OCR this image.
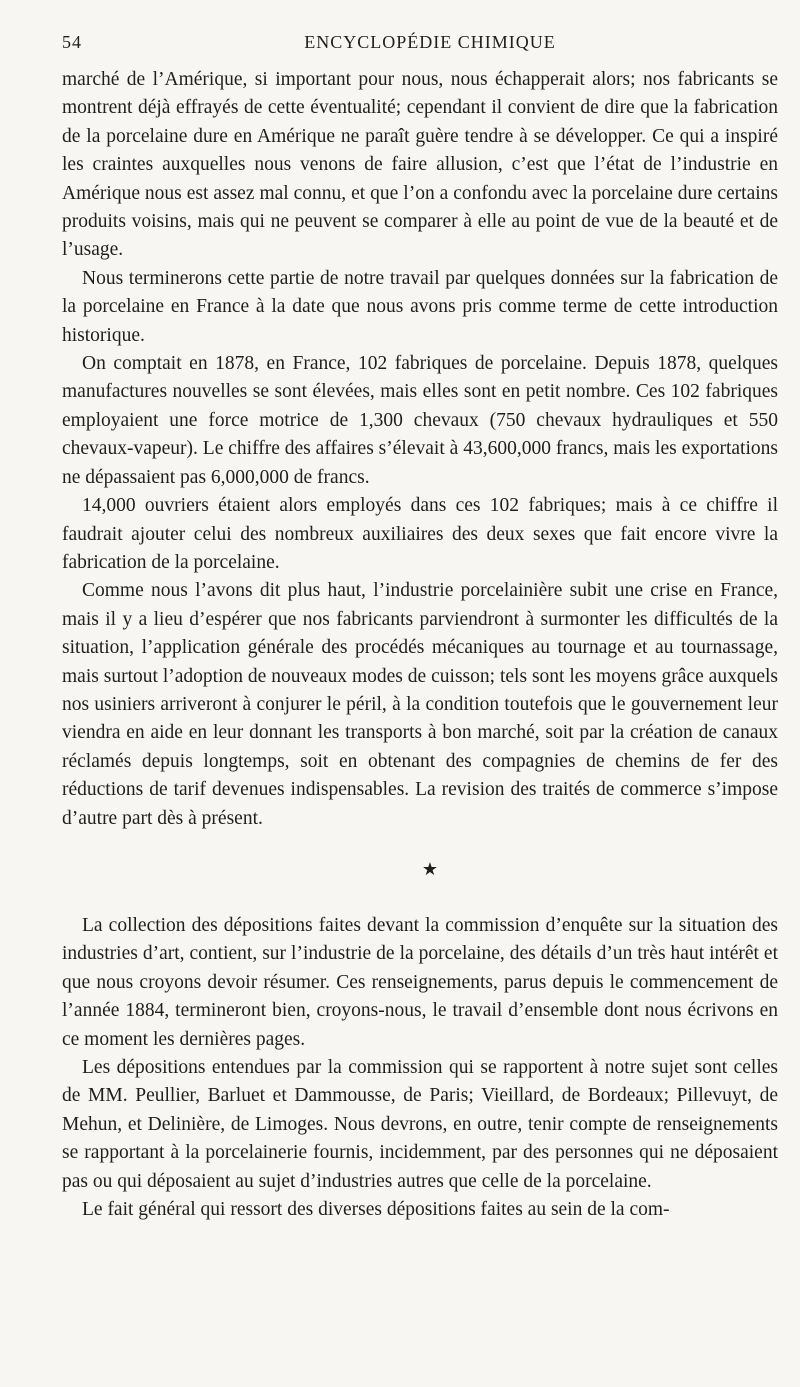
54	ENCYCLOPÉDIE CHIMIQUE

marché de l’Amérique, si important pour nous, nous échapperait alors; nos fabricants se montrent déjà effrayés de cette éventualité; cependant il convient de dire que la fabrication de la porcelaine dure en Amérique ne paraît guère tendre à se développer. Ce qui a inspiré les craintes auxquelles nous venons de faire allusion, c’est que l’état de l’industrie en Amérique nous est assez mal connu, et que l’on a confondu avec la porcelaine dure certains produits voisins, mais qui ne peuvent se comparer à elle au point de vue de la beauté et de l’usage.

Nous terminerons cette partie de notre travail par quelques données sur la fabrication de la porcelaine en France à la date que nous avons pris comme terme de cette introduction historique.

On comptait en 1878, en France, 102 fabriques de porcelaine. Depuis 1878, quelques manufactures nouvelles se sont élevées, mais elles sont en petit nombre. Ces 102 fabriques employaient une force motrice de 1,300 chevaux (750 chevaux hydrauliques et 550 chevaux-vapeur). Le chiffre des affaires s’élevait à 43,600,000 francs, mais les exportations ne dépassaient pas 6,000,000 de francs.

14,000 ouvriers étaient alors employés dans ces 102 fabriques; mais à ce chiffre il faudrait ajouter celui des nombreux auxiliaires des deux sexes que fait encore vivre la fabrication de la porcelaine.

Comme nous l’avons dit plus haut, l’industrie porcelainière subit une crise en France, mais il y a lieu d’espérer que nos fabricants parviendront à surmonter les difficultés de la situation, l’application générale des procédés mécaniques au tournage et au tournassage, mais surtout l’adoption de nouveaux modes de cuisson; tels sont les moyens grâce auxquels nos usiniers arriveront à conjurer le péril, à la condition toutefois que le gouvernement leur viendra en aide en leur donnant les transports à bon marché, soit par la création de canaux réclamés depuis longtemps, soit en obtenant des compagnies de chemins de fer des réductions de tarif devenues indispensables. La revision des traités de commerce s’impose d’autre part dès à présent.

★

La collection des dépositions faites devant la commission d’enquête sur la situation des industries d’art, contient, sur l’industrie de la porcelaine, des détails d’un très haut intérêt et que nous croyons devoir résumer. Ces renseignements, parus depuis le commencement de l’année 1884, termineront bien, croyons-nous, le travail d’ensemble dont nous écrivons en ce moment les dernières pages.

Les dépositions entendues par la commission qui se rapportent à notre sujet sont celles de MM. Peullier, Barluet et Dammousse, de Paris; Vieillard, de Bordeaux; Pillevuyt, de Mehun, et Delinière, de Limoges. Nous devrons, en outre, tenir compte de renseignements se rapportant à la porcelainerie fournis, incidemment, par des personnes qui ne déposaient pas ou qui déposaient au sujet d’industries autres que celle de la porcelaine.

Le fait général qui ressort des diverses dépositions faites au sein de la com-
